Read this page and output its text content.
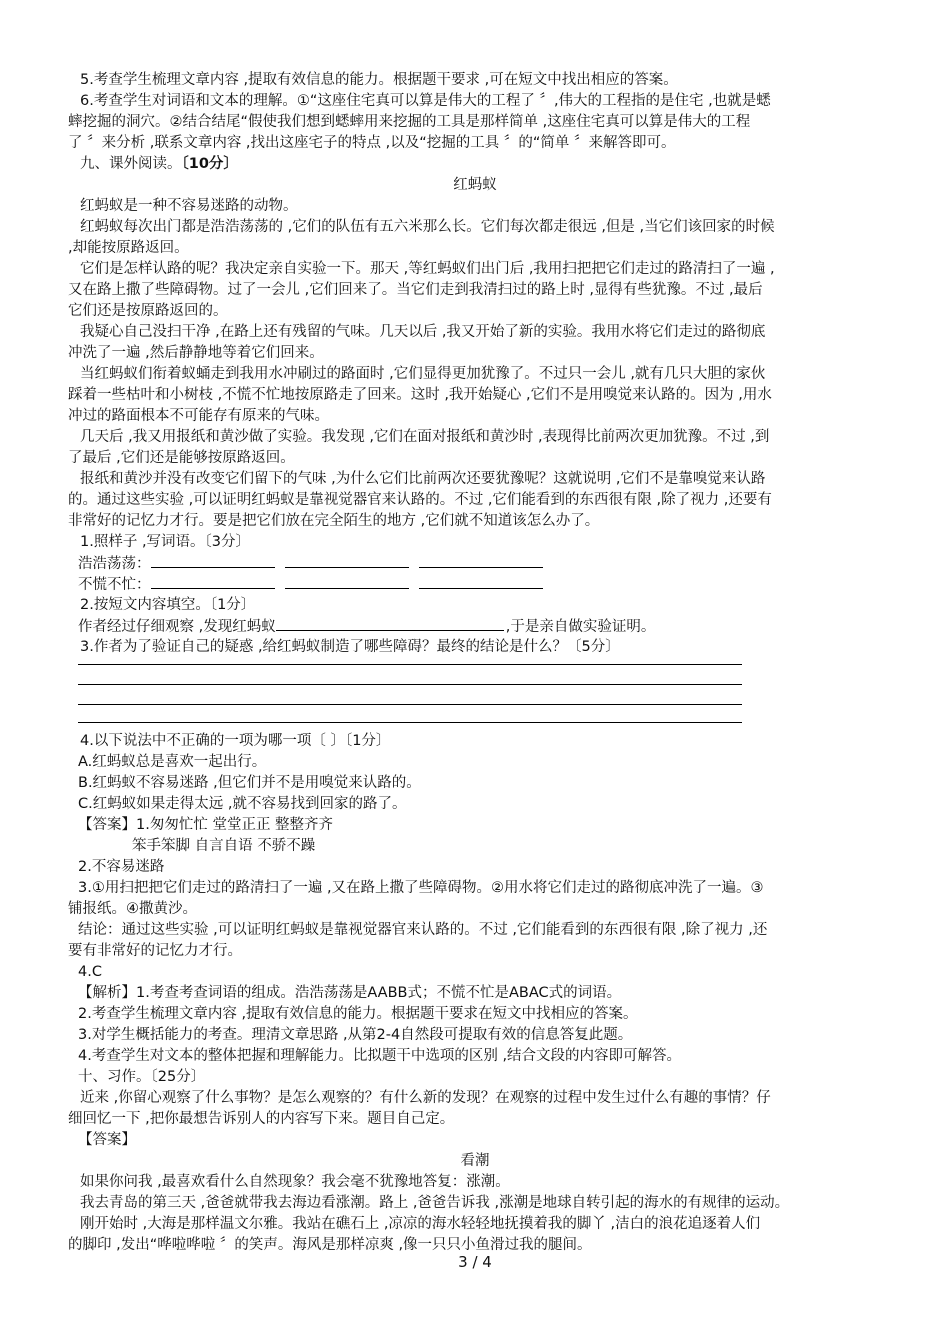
5.考查学生梳理文章内容 ,提取有效信息的能力。根据题干要求 ,可在短文中找出相应的答案。
6.考查学生对词语和文本的理解。①“这座住宅真可以算是伟大的工程了 〞,伟大的工程指的是住宅 ,也就是蟋
蟀挖掘的洞穴。②结合结尾“假使我们想到蟋蟀用来挖掘的工具是那样简单 ,这座住宅真可以算是伟大的工程
了 〞来分析 ,联系文章内容 ,找出这座宅子的特点 ,以及“挖掘的工具 〞的“简单 〞来解答即可。
九、课外阅读。〔10分〕
红蚂蚁
红蚂蚁是一种不容易迷路的动物。
红蚂蚁每次出门都是浩浩荡荡的 ,它们的队伍有五六米那么长。它们每次都走很远 ,但是 ,当它们该回家的时候
,却能按原路返回。
它们是怎样认路的呢？我决定亲自实验一下。那天 ,等红蚂蚁们出门后 ,我用扫把把它们走过的路清扫了一遍 ,
又在路上撒了些障碍物。过了一会儿 ,它们回来了。当它们走到我清扫过的路上时 ,显得有些犹豫。不过 ,最后
它们还是按原路返回的。
我疑心自己没扫干净 ,在路上还有残留的气味。几天以后 ,我又开始了新的实验。我用水将它们走过的路彻底
冲洗了一遍 ,然后静静地等着它们回来。
当红蚂蚁们衔着蚁蛹走到我用水冲刷过的路面时 ,它们显得更加犹豫了。不过只一会儿 ,就有几只大胆的家伙
踩着一些枯叶和小树枝 ,不慌不忙地按原路走了回来。这时 ,我开始疑心 ,它们不是用嗅觉来认路的。因为 ,用水
冲过的路面根本不可能存有原来的气味。
几天后 ,我又用报纸和黄沙做了实验。我发现 ,它们在面对报纸和黄沙时 ,表现得比前两次更加犹豫。不过 ,到
了最后 ,它们还是能够按原路返回。
报纸和黄沙并没有改变它们留下的气味 ,为什么它们比前两次还要犹豫呢？这就说明 ,它们不是靠嗅觉来认路
的。通过这些实验 ,可以证明红蚂蚁是靠视觉器官来认路的。不过 ,它们能看到的东西很有限 ,除了视力 ,还要有
非常好的记忆力才行。要是把它们放在完全陌生的地方 ,它们就不知道该怎么办了。
1.照样子 ,写词语。〔3分〕
浩浩荡荡：
不慌不忙：
2.按短文内容填空。〔1分〕
作者经过仔细观察 ,发现红蚂蚁	,于是亲自做实验证明。
3.作者为了验证自己的疑惑 ,给红蚂蚁制造了哪些障碍？最终的结论是什么？〔5分〕
4.以下说法中不正确的一项为哪一项〔 〕〔1分〕
A.红蚂蚁总是喜欢一起出行。
B.红蚂蚁不容易迷路 ,但它们并不是用嗅觉来认路的。
C.红蚂蚁如果走得太远 ,就不容易找到回家的路了。
【答案】1.匆匆忙忙 堂堂正正 整整齐齐
笨手笨脚 自言自语 不骄不躁
2.不容易迷路
3.①用扫把把它们走过的路清扫了一遍 ,又在路上撒了些障碍物。②用水将它们走过的路彻底冲洗了一遍。③
铺报纸。④撒黄沙。
结论：通过这些实验 ,可以证明红蚂蚁是靠视觉器官来认路的。不过 ,它们能看到的东西很有限 ,除了视力 ,还
要有非常好的记忆力才行。
4.C
【解析】1.考查考查词语的组成。浩浩荡荡是AABB式；不慌不忙是ABAC式的词语。
2.考查学生梳理文章内容 ,提取有效信息的能力。根据题干要求在短文中找相应的答案。
3.对学生概括能力的考查。理清文章思路 ,从第2-4自然段可提取有效的信息答复此题。
4.考查学生对文本的整体把握和理解能力。比拟题干中选项的区别 ,结合文段的内容即可解答。
十、习作。〔25分〕
近来 ,你留心观察了什么事物？是怎么观察的？有什么新的发现？在观察的过程中发生过什么有趣的事情？仔
细回忆一下 ,把你最想告诉别人的内容写下来。题目自己定。
【答案】
看潮
如果你问我 ,最喜欢看什么自然现象？我会毫不犹豫地答复：涨潮。
我去青岛的第三天 ,爸爸就带我去海边看涨潮。路上 ,爸爸告诉我 ,涨潮是地球自转引起的海水的有规律的运动。
刚开始时 ,大海是那样温文尔雅。我站在礁石上 ,凉凉的海水轻轻地抚摸着我的脚丫 ,洁白的浪花追逐着人们
的脚印 ,发出“哗啦哗啦 〞的笑声。海风是那样凉爽 ,像一只只小鱼滑过我的腿间。
3 / 4
